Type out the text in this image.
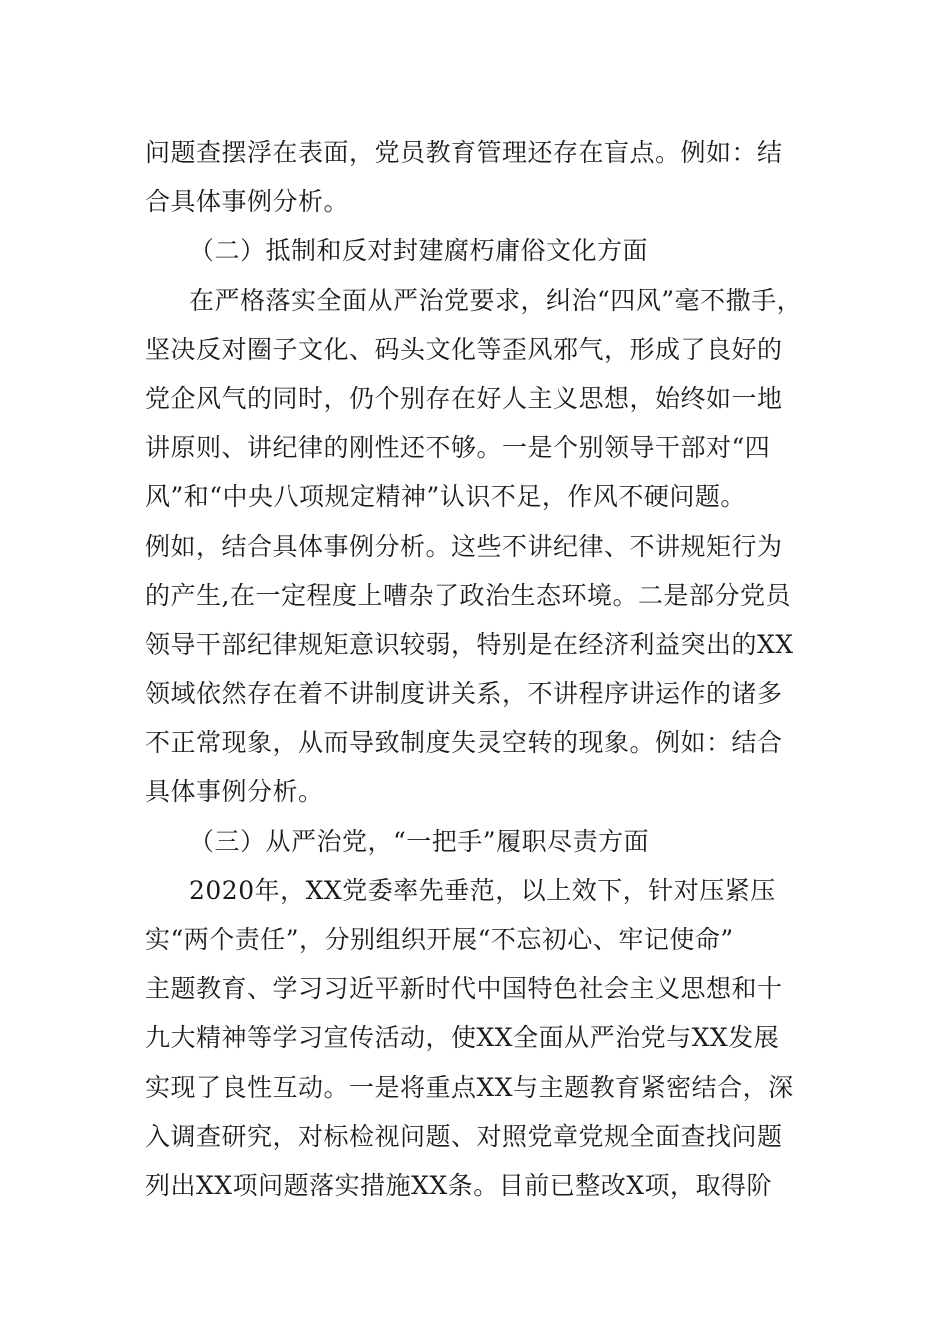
问题查摆浮在表面，党员教育管理还存在盲点。例如：结
合具体事例分析。
（二）抵制和反对封建腐朽庸俗文化方面
在严格落实全面从严治党要求，纠治“四风”毫不撒手，
坚决反对圈子文化、码头文化等歪风邪气，形成了良好的
党企风气的同时，仍个别存在好人主义思想，始终如一地
讲原则、讲纪律的刚性还不够。一是个别领导干部对“四
风”和“中央八项规定精神”认识不足，作风不硬问题。
例如，结合具体事例分析。这些不讲纪律、不讲规矩行为
的产生,在一定程度上嘈杂了政治生态环境。二是部分党员
领导干部纪律规矩意识较弱，特别是在经济利益突出的XX
领域依然存在着不讲制度讲关系，不讲程序讲运作的诸多
不正常现象，从而导致制度失灵空转的现象。例如：结合
具体事例分析。
（三）从严治党，“一把手”履职尽责方面
2020年，XX党委率先垂范，以上效下，针对压紧压
实“两个责任”，分别组织开展“不忘初心、牢记使命”
主题教育、学习习近平新时代中国特色社会主义思想和十
九大精神等学习宣传活动，使XX全面从严治党与XX发展
实现了良性互动。一是将重点XX与主题教育紧密结合，深
入调查研究，对标检视问题、对照党章党规全面查找问题
列出XX项问题落实措施XX条。目前已整改X项，取得阶
